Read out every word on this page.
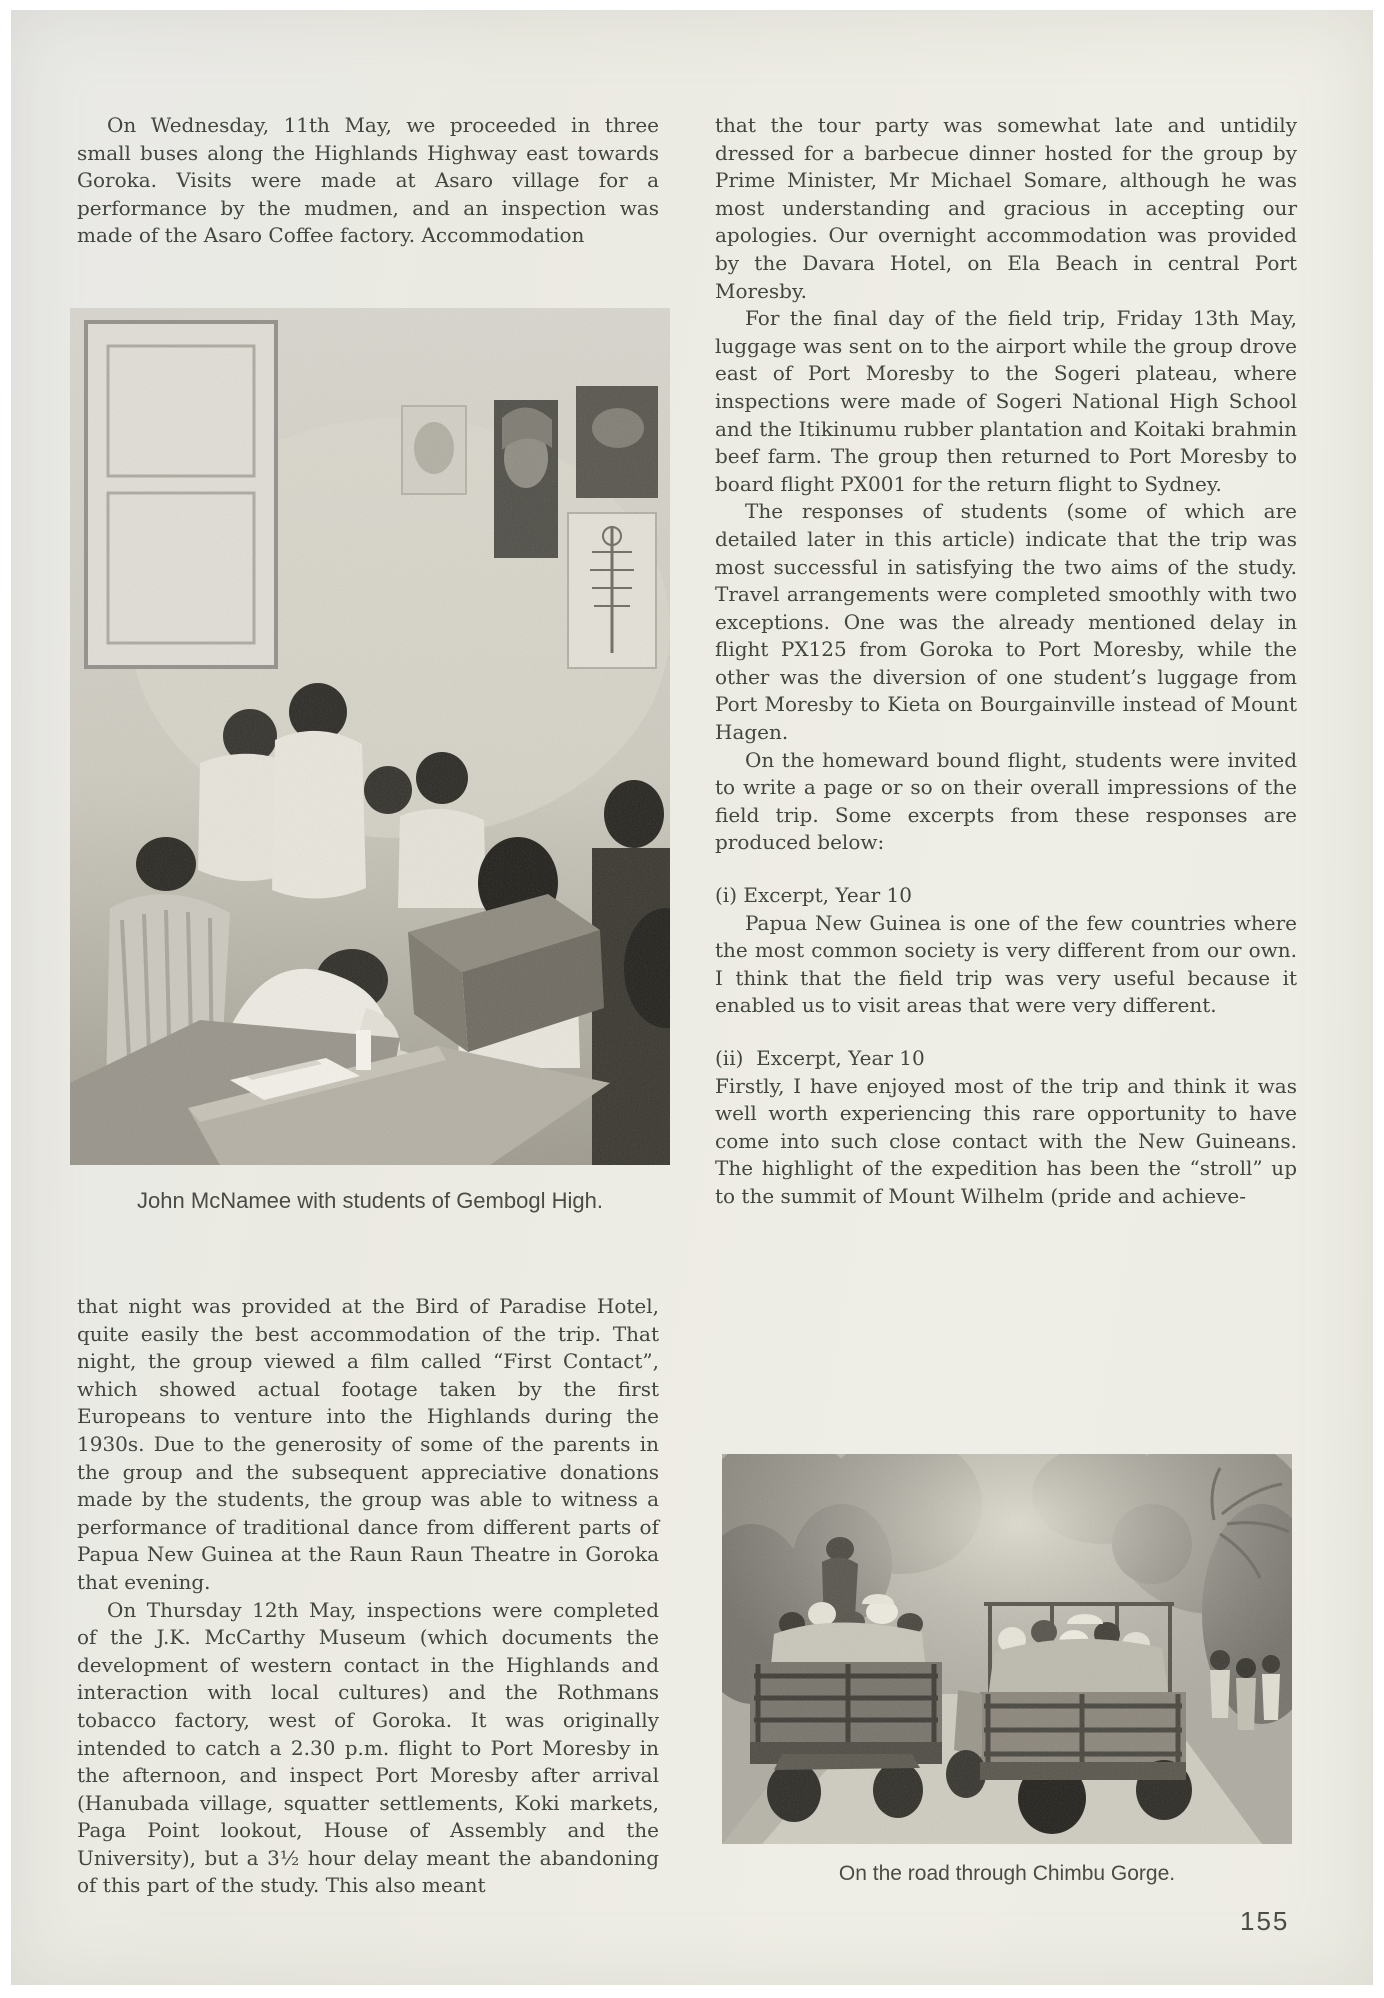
On Wednesday, 11th May, we proceeded in three small buses along the Highlands Highway east towards Goroka. Visits were made at Asaro village for a performance by the mudmen, and an inspection was made of the Asaro Coffee factory. Accommodation

John McNamee with students of Gembogl High.

that night was provided at the Bird of Paradise Hotel, quite easily the best accommodation of the trip. That night, the group viewed a film called “First Contact”, which showed actual footage taken by the first Europeans to venture into the Highlands during the 1930s. Due to the generosity of some of the parents in the group and the subsequent appreciative donations made by the students, the group was able to witness a performance of traditional dance from different parts of Papua New Guinea at the Raun Raun Theatre in Goroka that evening.

On Thursday 12th May, inspections were completed of the J.K. McCarthy Museum (which documents the development of western contact in the Highlands and interaction with local cultures) and the Rothmans tobacco factory, west of Goroka. It was originally intended to catch a 2.30 p.m. flight to Port Moresby in the afternoon, and inspect Port Moresby after arrival (Hanubada village, squatter settlements, Koki markets, Paga Point lookout, House of Assembly and the University), but a 3½ hour delay meant the abandoning of this part of the study. This also meant

that the tour party was somewhat late and untidily dressed for a barbecue dinner hosted for the group by Prime Minister, Mr Michael Somare, although he was most understanding and gracious in accepting our apologies. Our overnight accommodation was provided by the Davara Hotel, on Ela Beach in central Port Moresby.

For the final day of the field trip, Friday 13th May, luggage was sent on to the airport while the group drove east of Port Moresby to the Sogeri plateau, where inspections were made of Sogeri National High School and the Itikinumu rubber plantation and Koitaki brahmin beef farm. The group then returned to Port Moresby to board flight PX001 for the return flight to Sydney.

The responses of students (some of which are detailed later in this article) indicate that the trip was most successful in satisfying the two aims of the study. Travel arrangements were completed smoothly with two exceptions. One was the already mentioned delay in flight PX125 from Goroka to Port Moresby, while the other was the diversion of one student’s luggage from Port Moresby to Kieta on Bourgainville instead of Mount Hagen.

On the homeward bound flight, students were invited to write a page or so on their overall impressions of the field trip. Some excerpts from these responses are produced below:

(i) Excerpt, Year 10

Papua New Guinea is one of the few countries where the most common society is very different from our own. I think that the field trip was very useful because it enabled us to visit areas that were very different.

(ii)  Excerpt, Year 10

Firstly, I have enjoyed most of the trip and think it was well worth experiencing this rare opportunity to have come into such close contact with the New Guineans. The highlight of the expedition has been the “stroll” up to the summit of Mount Wilhelm (pride and achieve-

On the road through Chimbu Gorge.
155
